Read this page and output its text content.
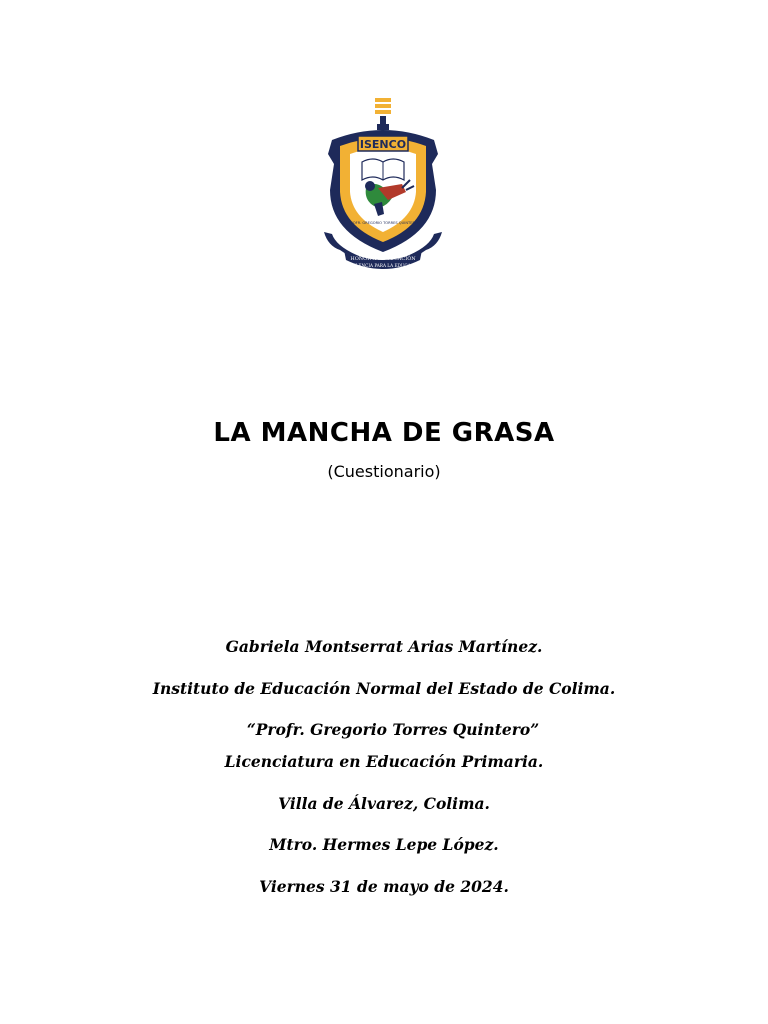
ISENCO
PROFR. GREGORIO TORRES QUINTERO
HONOR A LA VOCACIÓN
EXCELENCIA PARA LA EDUCACIÓN
LA MANCHA DE GRASA
(Cuestionario)
Gabriela Montserrat Arias Martínez.
Instituto de Educación Normal del Estado de Colima.
“Profr. Gregorio Torres Quintero”
Licenciatura en Educación Primaria.
Villa de Álvarez, Colima.
Mtro. Hermes Lepe López.
Viernes 31 de mayo de 2024.
